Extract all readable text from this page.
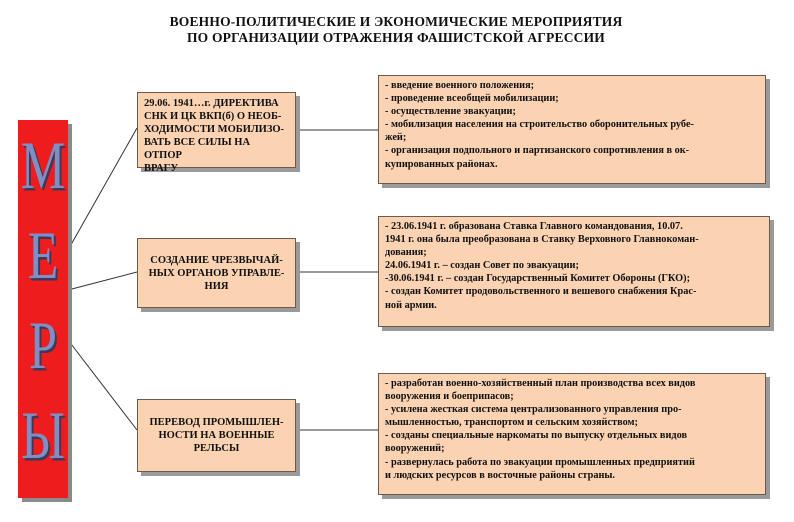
ВОЕННО-ПОЛИТИЧЕСКИЕ И ЭКОНОМИЧЕСКИЕ МЕРОПРИЯТИЯ
ПО ОРГАНИЗАЦИИ ОТРАЖЕНИЯ ФАШИСТСКОЙ АГРЕССИИ
М
Е
Р
Ы
29.06. 1941…г. ДИРЕКТИВА
СНК И ЦК ВКП(б) О НЕОБ-
ХОДИМОСТИ МОБИЛИЗО-
ВАТЬ ВСЕ СИЛЫ НА ОТПОР
ВРАГУ
СОЗДАНИЕ ЧРЕЗВЫЧАЙ-
НЫХ ОРГАНОВ УПРАВЛЕ-
НИЯ
ПЕРЕВОД ПРОМЫШЛЕН-
НОСТИ НА ВОЕННЫЕ
РЕЛЬСЫ
- введение военного положения;
- проведение всеобщей мобилизации;
- осуществление эвакуации;
- мобилизация населения на строительство оборонительных рубе-
жей;
- организация подпольного и партизанского сопротивления в ок-
купированных районах.
- 23.06.1941 г. образована Ставка Главного командования, 10.07.
1941 г. она была преобразована в Ставку Верховного Главнокоман-
дования;
24.06.1941 г. – создан Совет по эвакуации;
-30.06.1941 г. – создан Государственный Комитет Обороны (ГКО);
- создан Комитет продовольственного и вешевого снабжения Крас-
ной армии.
- разработан военно-хозяйственный план производства всех видов
вооружения и боеприпасов;
- усилена жесткая система централизованного управления про-
мышленностью, транспортом и сельским хозяйством;
- созданы специальные наркоматы по выпуску отдельных видов
вооружений;
- развернулась работа по эвакуации промышленных предприятий
и людских ресурсов в восточные районы страны.
